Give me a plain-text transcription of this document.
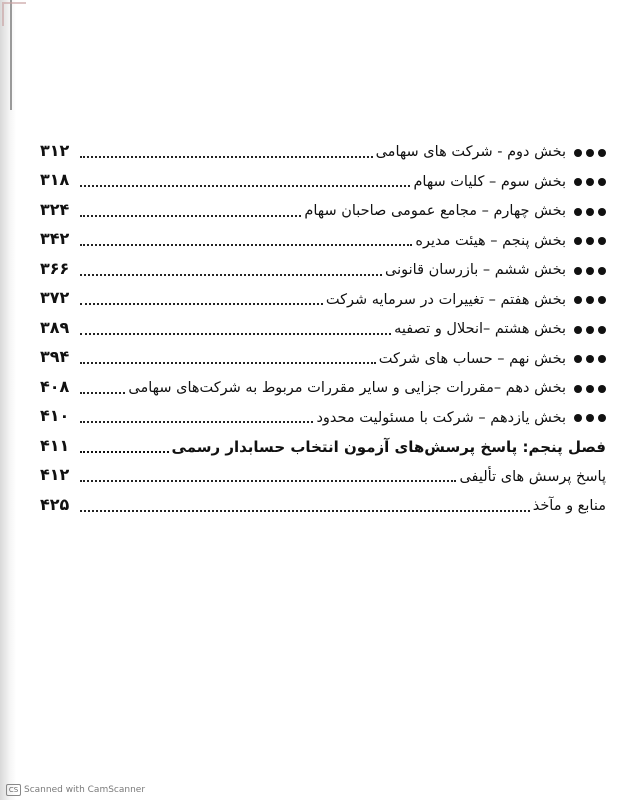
۳۱۲	بخش دوم - شرکت های سهامی
۳۱۸	بخش سوم – کلیات سهام
۳۲۴	بخش چهارم – مجامع عمومی صاحبان سهام
۳۴۲	بخش پنجم – هیئت مدیره
۳۶۶	بخش ششم – بازرسان قانونی
۳۷۲	بخش هفتم – تغییرات در سرمایه شرکت
۳۸۹	بخش هشتم –انحلال و تصفیه
۳۹۴	بخش نهم – حساب های شرکت
۴۰۸	بخش دهم –مقررات جزایی و سایر مقررات مربوط به شرکت‌های سهامی
۴۱۰	بخش یازدهم – شرکت با مسئولیت محدود
۴۱۱	فصل پنجم: پاسخ پرسش‌های آزمون انتخاب حسابدار رسمی
۴۱۲	پاسخ پرسش های تألیفی
۴۲۵	منابع و مآخذ
CS Scanned with CamScanner
